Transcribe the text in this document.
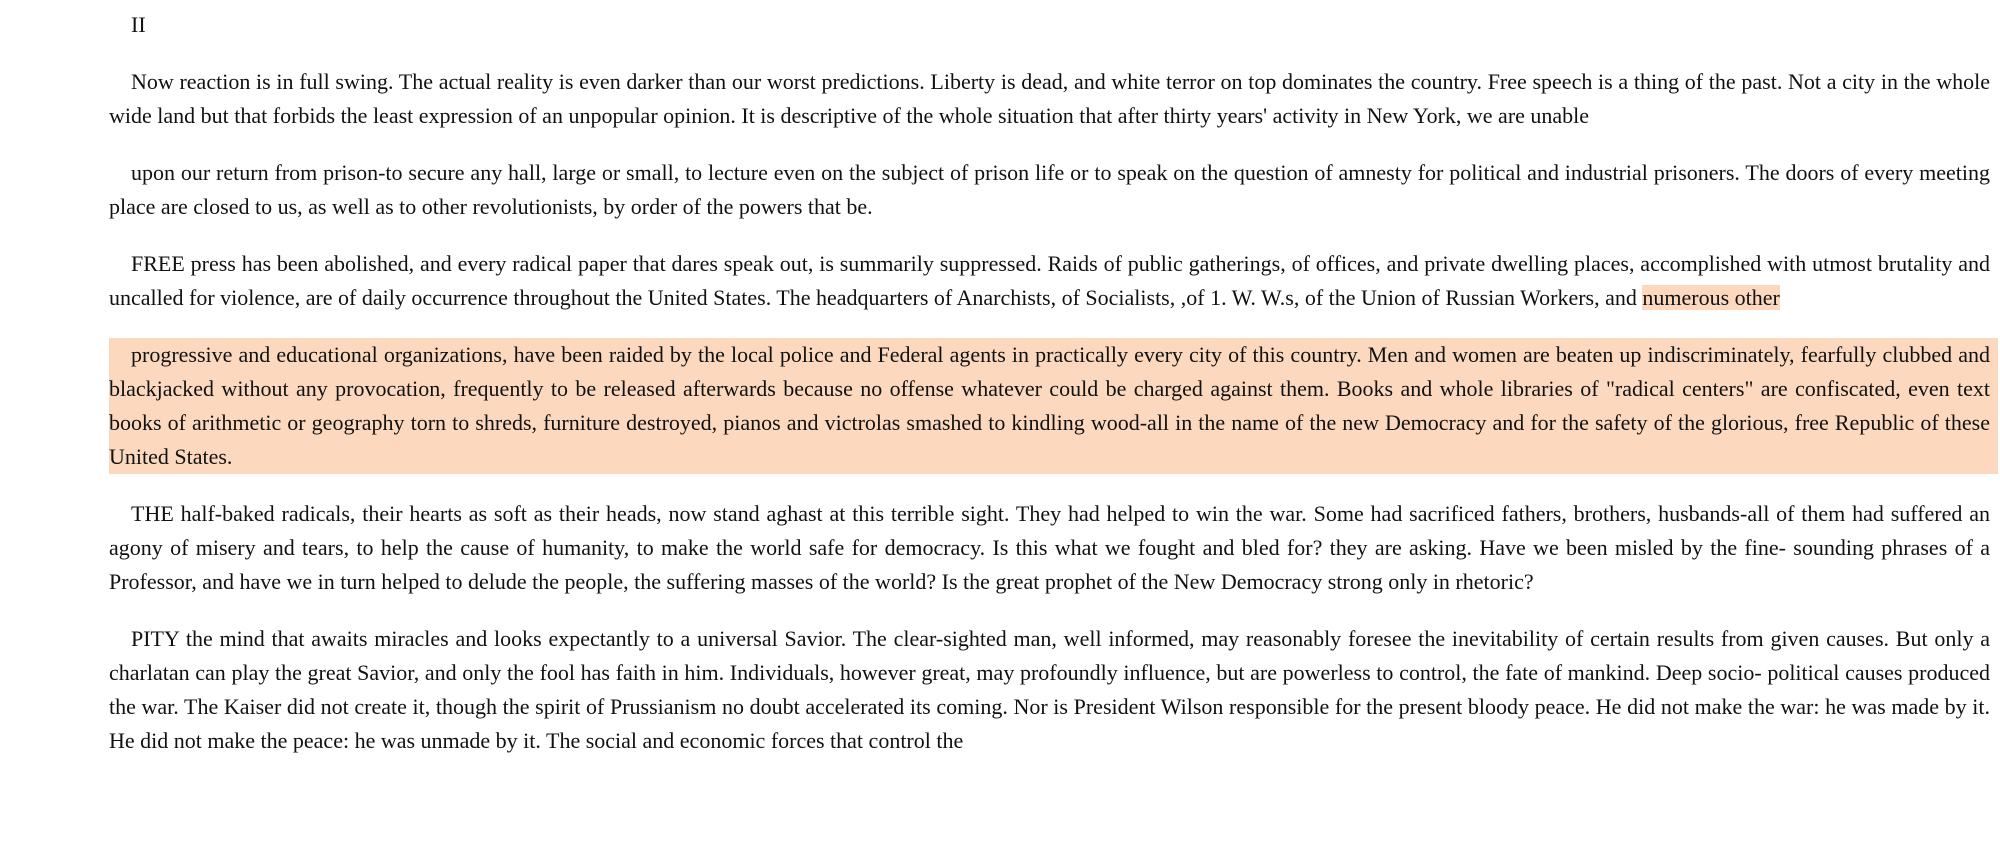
II

Now reaction is in full swing. The actual reality is even darker than our worst predictions. Liberty is dead, and white terror on top dominates the country. Free speech is a thing of the past. Not a city in the whole wide land but that forbids the least expression of an unpopular opinion. It is descriptive of the whole situation that after thirty years' activity in New York, we are unable

upon our return from prison-to secure any hall, large or small, to lecture even on the subject of prison life or to speak on the question of amnesty for political and industrial prisoners. The doors of every meeting place are closed to us, as well as to other revolutionists, by order of the powers that be.

FREE press has been abolished, and every radical paper that dares speak out, is summarily suppressed. Raids of public gatherings, of offices, and private dwelling places, accomplished with utmost brutality and uncalled for violence, are of daily occurrence throughout the United States. The headquarters of Anarchists, of Socialists, ,of 1. W. W.s, of the Union of Russian Workers, and numerous other

progressive and educational organizations, have been raided by the local police and Federal agents in practically every city of this country. Men and women are beaten up indiscriminately, fearfully clubbed and blackjacked without any provocation, frequently to be released afterwards because no offense whatever could be charged against them. Books and whole libraries of "radical centers" are confiscated, even text books of arithmetic or geography torn to shreds, furniture destroyed, pianos and victrolas smashed to kindling wood-all in the name of the new Democracy and for the safety of the glorious, free Republic of these United States.

THE half-baked radicals, their hearts as soft as their heads, now stand aghast at this terrible sight. They had helped to win the war. Some had sacrificed fathers, brothers, husbands-all of them had suffered an agony of misery and tears, to help the cause of humanity, to make the world safe for democracy. Is this what we fought and bled for? they are asking. Have we been misled by the fine- sounding phrases of a Professor, and have we in turn helped to delude the people, the suffering masses of the world? Is the great prophet of the New Democracy strong only in rhetoric?

PITY the mind that awaits miracles and looks expectantly to a universal Savior. The clear-sighted man, well informed, may reasonably foresee the inevitability of certain results from given causes. But only a charlatan can play the great Savior, and only the fool has faith in him. Individuals, however great, may profoundly influence, but are powerless to control, the fate of mankind. Deep socio- political causes produced the war. The Kaiser did not create it, though the spirit of Prussianism no doubt accelerated its coming. Nor is President Wilson responsible for the present bloody peace. He did not make the war: he was made by it. He did not make the peace: he was unmade by it. The social and economic forces that control the
